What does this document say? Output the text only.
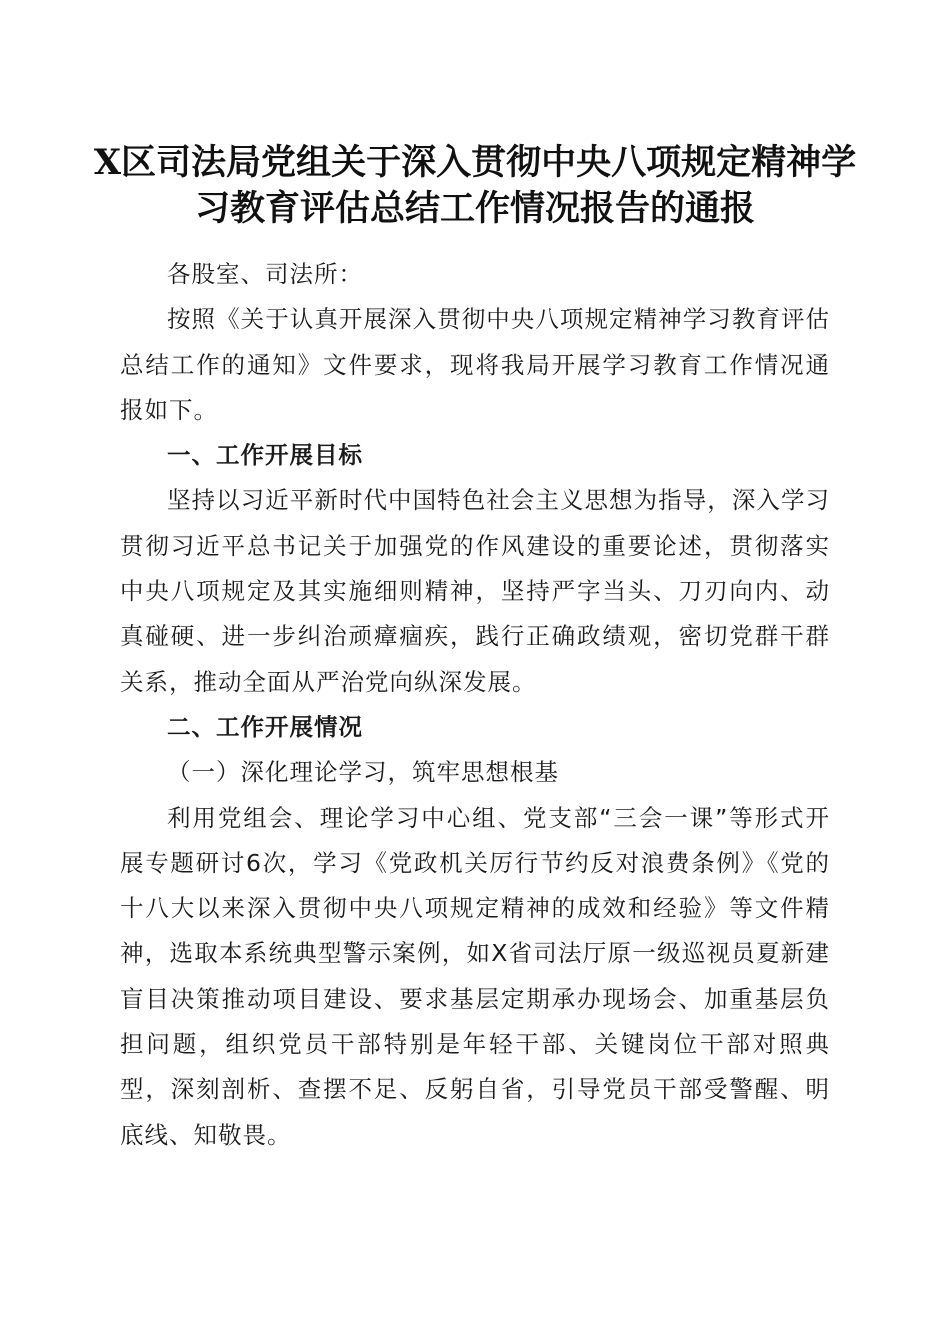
X区司法局党组关于深入贯彻中央八项规定精神学习教育评估总结工作情况报告的通报

各股室、司法所：

按照《关于认真开展深入贯彻中央八项规定精神学习教育评估总结工作的通知》文件要求，现将我局开展学习教育工作情况通报如下。

一、工作开展目标

坚持以习近平新时代中国特色社会主义思想为指导，深入学习贯彻习近平总书记关于加强党的作风建设的重要论述，贯彻落实中央八项规定及其实施细则精神，坚持严字当头、刀刃向内、动真碰硬、进一步纠治顽瘴痼疾，践行正确政绩观，密切党群干群关系，推动全面从严治党向纵深发展。

二、工作开展情况

（一）深化理论学习，筑牢思想根基

利用党组会、理论学习中心组、党支部“三会一课”等形式开展专题研讨6次，学习《党政机关厉行节约反对浪费条例》《党的十八大以来深入贯彻中央八项规定精神的成效和经验》等文件精神，选取本系统典型警示案例，如X省司法厅原一级巡视员夏新建盲目决策推动项目建设、要求基层定期承办现场会、加重基层负担问题，组织党员干部特别是年轻干部、关键岗位干部对照典型，深刻剖析、查摆不足、反躬自省，引导党员干部受警醒、明底线、知敬畏。
